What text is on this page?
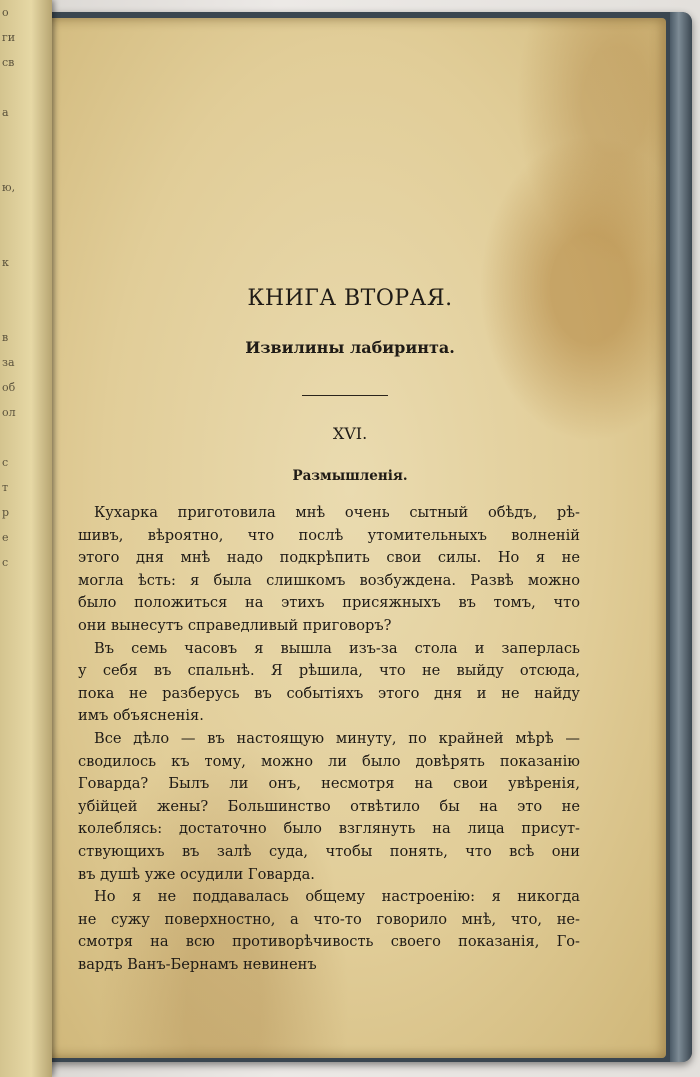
о
ги
св

а

ю,

к

в
за
об
ол

с
т
р
е
с
КНИГА ВТОРАЯ.
Извилины лабиринта.
XVI.
Размышленія.
Кухарка приготовила мнѣ очень сытный обѣдъ, рѣ-
шивъ, вѣроятно, что послѣ утомительныхъ волненій
этого дня мнѣ надо подкрѣпить свои силы. Но я не
могла ѣсть: я была слишкомъ возбуждена. Развѣ можно
было положиться на этихъ присяжныхъ въ томъ, что
они вынесутъ справедливый приговоръ?
Въ семь часовъ я вышла изъ-за стола и заперлась
у себя въ спальнѣ. Я рѣшила, что не выйду отсюда,
пока не разберусь въ событіяхъ этого дня и не найду
имъ объясненія.
Все дѣло — въ настоящую минуту, по крайней мѣрѣ —
сводилось къ тому, можно ли было довѣрять показанію
Говарда? Былъ ли онъ, несмотря на свои увѣренія,
убійцей жены? Большинство отвѣтило бы на это не
колеблясь: достаточно было взглянуть на лица присут-
ствующихъ въ залѣ суда, чтобы понять, что всѣ они
въ душѣ уже осудили Говарда.
Но я не поддавалась общему настроенію: я никогда
не сужу поверхностно, а что-то говорило мнѣ, что, не-
смотря на всю противорѣчивость своего показанія, Го-
вардъ Ванъ-Бернамъ невиненъ
